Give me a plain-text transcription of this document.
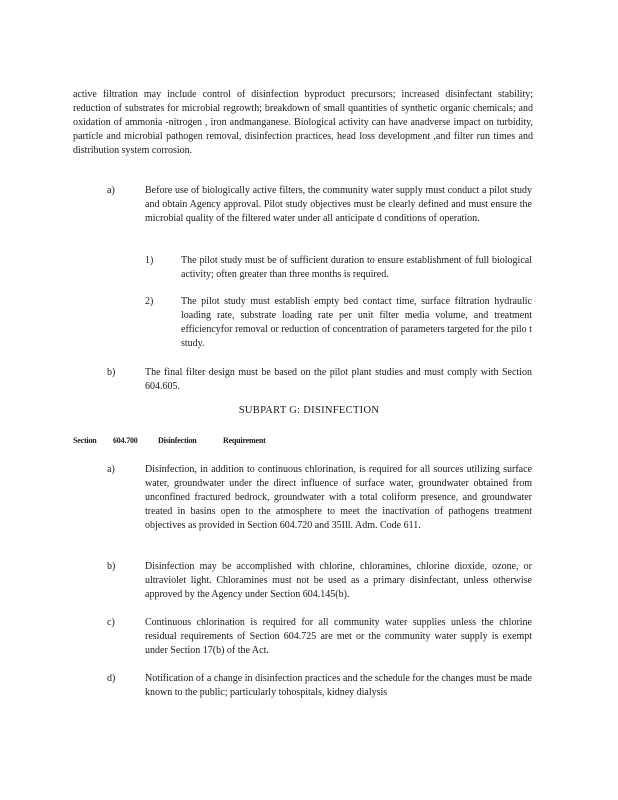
active filtration may include control of disinfection byproduct precursors; increased disinfectant stability; reduction of substrates for microbial regrowth; breakdown of small quantities of synthetic organic chemicals; and oxidation of ammonia -nitrogen , iron andmanganese. Biological activity can have anadverse impact on turbidity, particle and microbial pathogen removal, disinfection practices, head loss development ,and filter run times and distribution system corrosion.

a)	Before use of biologically active filters, the community water supply must conduct a pilot study and obtain Agency approval. Pilot study objectives must be clearly defined and must ensure the microbial quality of the filtered water under all anticipate d conditions of operation.
1)	The pilot study must be of sufficient duration to ensure establishment of full biological activity; often greater than three months is required.
2)	The pilot study must establish empty bed contact time, surface filtration hydraulic loading rate, substrate loading rate per unit filter media volume, and treatment efficiencyfor removal or reduction of concentration of parameters targeted for the pilo t study.
b)	The final filter design must be based on the pilot plant studies and must comply with Section 604.605.
SUBPART G: DISINFECTION
Section 604.700	Disinfection	Requirement
a)	Disinfection, in addition to continuous chlorination, is required for all sources utilizing surface water, groundwater under the direct influence of surface water, groundwater obtained from unconfined fractured bedrock, groundwater with a total coliform presence, and groundwater treated in basins open to the atmosphere to meet the inactivation of pathogens treatment objectives as provided in Section 604.720 and 35Ill. Adm. Code 611.
b)	Disinfection may be accomplished with chlorine, chloramines, chlorine dioxide, ozone, or ultraviolet light. Chloramines must not be used as a primary disinfectant, unless otherwise approved by the Agency under Section 604.145(b).
c)	Continuous chlorination is required for all community water supplies unless the chlorine residual requirements of Section 604.725 are met or the community water supply is exempt under Section 17(b) of the Act.
d)	Notification of a change in disinfection practices and the schedule for the changes must be made known to the public; particularly tohospitals, kidney dialysis
